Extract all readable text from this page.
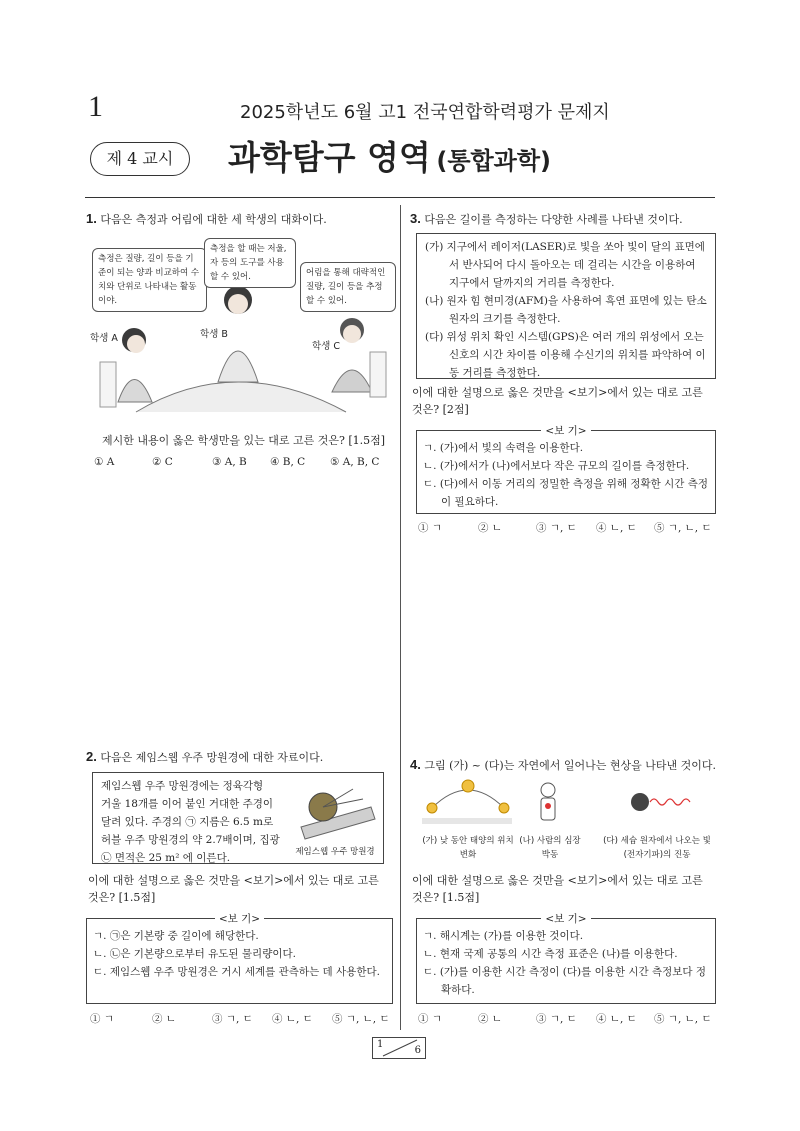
1	2025학년도 6월 고1 전국연합학력평가 문제지
제 4 교시	과학탐구 영역 (통합과학)
1. 다음은 측정과 어림에 대한 세 학생의 대화이다.
측정은 질량, 길이 등을 기준이 되는 양과 비교하여 수치와 단위로 나타내는 활동이야.
측정을 할 때는 저울, 자 등의 도구를 사용할 수 있어.	어림을 통해 대략적인 질량, 길이 등을 추정할 수 있어.
학생 A	학생 B
학생 C
제시한 내용이 옳은 학생만을 있는 대로 고른 것은? [1.5점]
① A	② C	③ A, B	④ B, C	⑤ A, B, C
2. 다음은 제임스웹 우주 망원경에 대한 자료이다.
제임스웹 우주 망원경에는 정육각형
거울 18개를 이어 붙인 거대한 주경이
달려 있다. 주경의 ㉠ 지름은 6.5 m로
허블 우주 망원경의 약 2.7배이며, 집광
㉡ 면적은 25 m² 에 이른다.	제임스웹 우주 망원경
이에 대한 설명으로 옳은 것만을 <보기>에서 있는 대로 고른 것은? [1.5점]
<보 기>
ㄱ. ㉠은 기본량 중 길이에 해당한다.
ㄴ. ㉡은 기본량으로부터 유도된 물리량이다.
ㄷ. 제임스웹 우주 망원경은 거시 세계를 관측하는 데 사용한다.
① ㄱ	② ㄴ	③ ㄱ, ㄷ	④ ㄴ, ㄷ	⑤ ㄱ, ㄴ, ㄷ
3. 다음은 길이를 측정하는 다양한 사례를 나타낸 것이다.
(가) 지구에서 레이저(LASER)로 빛을 쏘아 빛이 달의 표면에서 반사되어 다시 돌아오는 데 걸리는 시간을 이용하여 지구에서 달까지의 거리를 측정한다.
(나) 원자 힘 현미경(AFM)을 사용하여 흑연 표면에 있는 탄소 원자의 크기를 측정한다.
(다) 위성 위치 확인 시스템(GPS)은 여러 개의 위성에서 오는 신호의 시간 차이를 이용해 수신기의 위치를 파악하여 이동 거리를 측정한다.
이에 대한 설명으로 옳은 것만을 <보기>에서 있는 대로 고른 것은? [2점]
<보 기>
ㄱ. (가)에서 빛의 속력을 이용한다.
ㄴ. (가)에서가 (나)에서보다 작은 규모의 길이를 측정한다.
ㄷ. (다)에서 이동 거리의 정밀한 측정을 위해 정확한 시간 측정이 필요하다.
① ㄱ	② ㄴ	③ ㄱ, ㄷ	④ ㄴ, ㄷ	⑤ ㄱ, ㄴ, ㄷ
4. 그림 (가) ~ (다)는 자연에서 일어나는 현상을 나타낸 것이다.
(가) 낮 동안 태양의 위치 변화
(나) 사람의 심장 박동
(다) 세슘 원자에서 나오는 빛(전자기파)의 진동
이에 대한 설명으로 옳은 것만을 <보기>에서 있는 대로 고른 것은? [1.5점]
<보 기>
ㄱ. 해시계는 (가)를 이용한 것이다.
ㄴ. 현재 국제 공통의 시간 측정 표준은 (나)를 이용한다.
ㄷ. (가)를 이용한 시간 측정이 (다)를 이용한 시간 측정보다 정확하다.
① ㄱ	② ㄴ	③ ㄱ, ㄷ	④ ㄴ, ㄷ	⑤ ㄱ, ㄴ, ㄷ
1
6
